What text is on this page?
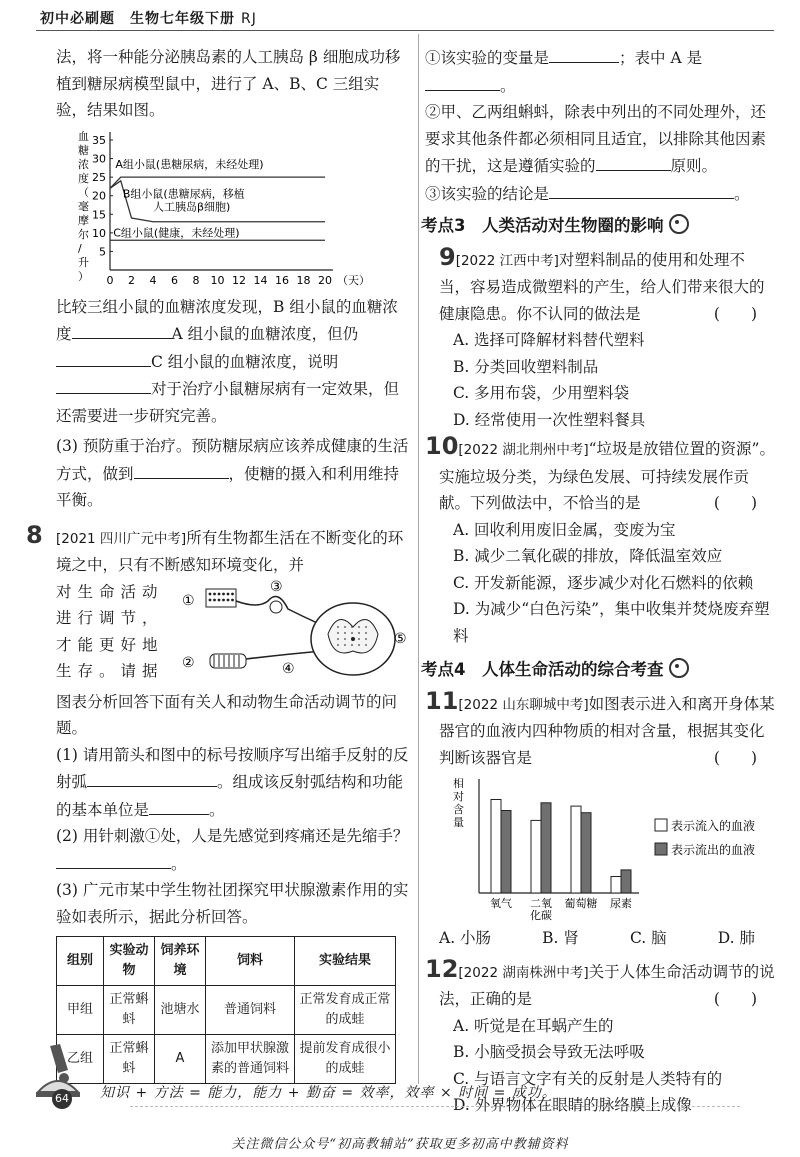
初中必刷题　生物七年级下册 RJ

法，将一种能分泌胰岛素的人工胰岛 β 细胞成功移植到糖尿病模型鼠中，进行了 A、B、C 三组实验，结果如图。

血糖浓度（毫摩尔/升）
5
10
15
20
25
30
35
0 2 4 6 8 10 12 14 16 18 20 （天）
A组小鼠(患糖尿病，未经处理)
B组小鼠(患糖尿病，移植
人工胰岛β细胞)
C组小鼠(健康，未经处理)

比较三组小鼠的血糖浓度发现，B 组小鼠的血糖浓度	A 组小鼠的血糖浓度，但仍C 组小鼠的血糖浓度，说明对于治疗小鼠糖尿病有一定效果，但还需要进一步研究完善。

(3) 预防重于治疗。预防糖尿病应该养成健康的生活方式，做到	，使糖的摄入和利用维持平衡。

8 [2021 四川广元中考]所有生物都生活在不断变化的环境之中，只有不断感知环境变化，并

对生命活动进行调节，才能更好地生存。请据

①
②
③
④
⑤

图表分析回答下面有关人和动物生命活动调节的问题。

(1) 请用箭头和图中的标号按顺序写出缩手反射的反射弧	。组成该反射弧结构和功能的基本单位是	。

(2) 用针刺激①处，人是先感觉到疼痛还是先缩手？。

(3) 广元市某中学生物社团探究甲状腺激素作用的实验如表所示，据此分析回答。

组别	实验动物	饲养环境	饲料	实验结果
甲组	正常蝌蚪	池塘水	普通饲料	正常发育成正常的成蛙
乙组	正常蝌蚪	A	添加甲状腺激素的普通饲料	提前发育成很小的成蛙

①该实验的变量是	；表中 A 是。

②甲、乙两组蝌蚪，除表中列出的不同处理外，还要求其他条件都必须相同且适宜，以排除其他因素的干扰，这是遵循实验的	原则。

③该实验的结论是	。

考点3　人类活动对生物圈的影响

9[2022 江西中考]对塑料制品的使用和处理不当，容易造成微塑料的产生，给人们带来很大的健康隐患。你不认同的做法是	(　　)

A. 选择可降解材料替代塑料

B. 分类回收塑料制品

C. 多用布袋，少用塑料袋

D. 经常使用一次性塑料餐具

10[2022 湖北荆州中考]“垃圾是放错位置的资源”。实施垃圾分类，为绿色发展、可持续发展作贡献。下列做法中，不恰当的是	(　　)

A. 回收利用废旧金属，变废为宝

B. 减少二氧化碳的排放，降低温室效应

C. 开发新能源，逐步减少对化石燃料的依赖

D. 为减少“白色污染”，集中收集并焚烧废弃塑料

考点4　人体生命活动的综合考查

11[2022 山东聊城中考]如图表示进入和离开身体某器官的血液内四种物质的相对含量，根据其变化判断该器官是	(　　)

相对含量
氧气 二氧
化碳
葡萄糖 尿素
表示流入的血液
表示流出的血液
A. 小肠	B. 肾	C. 脑	D. 肺

12[2022 湖南株洲中考]关于人体生命活动调节的说法，正确的是	(　　)

A. 听觉是在耳蜗产生的

B. 小脑受损会导致无法呼吸

C. 与语言文字有关的反射是人类特有的

D. 外界物体在眼睛的脉络膜上成像

64 知识 + 方法 = 能力，能力 + 勤奋 = 效率，效率 × 时间 = 成功。
关注微信公众号“初高教辅站”获取更多初高中教辅资料
